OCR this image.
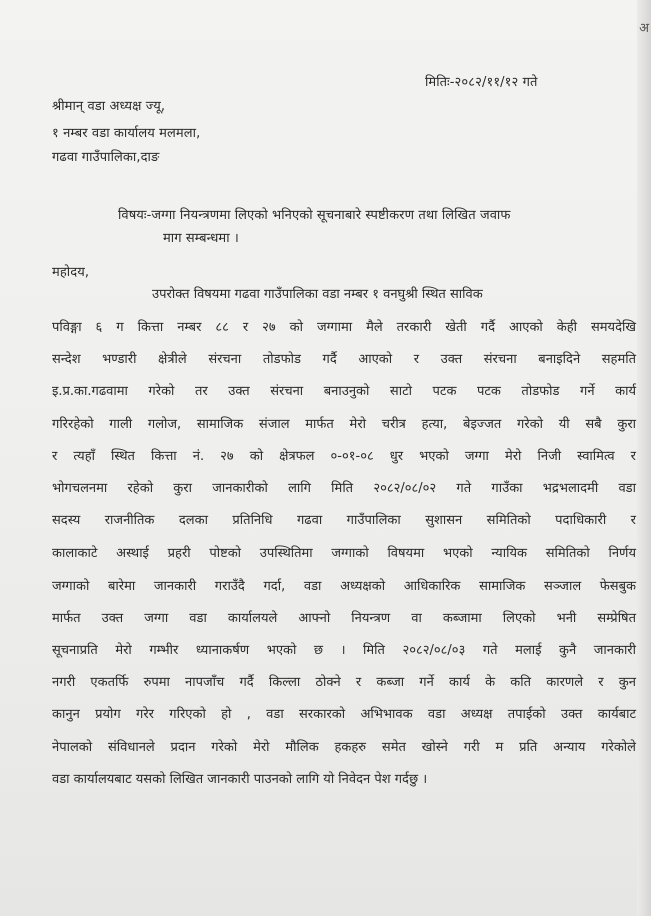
अ
मितिः-२०८२/११/१२ गते
श्रीमान् वडा अध्यक्ष ज्यू,
१ नम्बर वडा कार्यालय मलमला,
गढवा गाउँपालिका,दाङ
विषयः-जग्गा नियन्त्रणमा लिएको भनिएको सूचनाबारे स्पष्टीकरण तथा लिखित जवाफ
माग सम्बन्धमा ।
महोदय,
उपरोक्त विषयमा गढवा गाउँपालिका वडा नम्बर १ वनघुश्री स्थित साविक
पविङ्गा ६ ग कित्ता नम्बर ८८ र २७ को जग्गामा मैले तरकारी खेती गर्दै आएको केही समयदेखि
सन्देश भण्डारी क्षेत्रीले संरचना तोडफोड गर्दै आएको र उक्त संरचना बनाइदिने सहमति
इ.प्र.का.गढवामा गरेको तर उक्त संरचना बनाउनुको साटो पटक पटक तोडफोड गर्ने कार्य
गरिरहेको गाली गलोज, सामाजिक संजाल मार्फत मेरो चरीत्र हत्या, बेइज्जत गरेको यी सबै कुरा
र त्यहाँ स्थित कित्ता नं. २७ को क्षेत्रफल ०-०१-०८ धुर भएको जग्गा मेरो निजी स्वामित्व र
भोगचलनमा रहेको कुरा जानकारीको लागि मिति २०८२/०८/०२ गते गाउँका भद्रभलादमी वडा
सदस्य राजनीतिक दलका प्रतिनिधि गढवा गाउँपालिका सुशासन समितिको पदाधिकारी र
कालाकाटे अस्थाई प्रहरी पोष्टको उपस्थितिमा जग्गाको विषयमा भएको न्यायिक समितिको निर्णय
जग्गाको बारेमा जानकारी गराउँदै गर्दा, वडा अध्यक्षको आधिकारिक सामाजिक सञ्जाल फेसबुक
मार्फत उक्त जग्गा वडा कार्यालयले आफ्नो नियन्त्रण वा कब्जामा लिएको भनी सम्प्रेषित
सूचनाप्रति मेरो गम्भीर ध्यानाकर्षण भएको छ । मिति २०८२/०८/०३ गते मलाई कुनै जानकारी
नगरी एकतर्फि रुपमा नापजाँच गर्दै किल्ला ठोक्ने र कब्जा गर्ने कार्य के कति कारणले र कुन
कानुन प्रयोग गरेर गरिएको हो , वडा सरकारको अभिभावक वडा अध्यक्ष तपाईको उक्त कार्यबाट
नेपालको संविधानले प्रदान गरेको मेरो मौलिक हकहरु समेत खोस्ने गरी म प्रति अन्याय गरेकोले
वडा कार्यालयबाट यसको लिखित जानकारी पाउनको लागि यो निवेदन पेश गर्दछु ।
